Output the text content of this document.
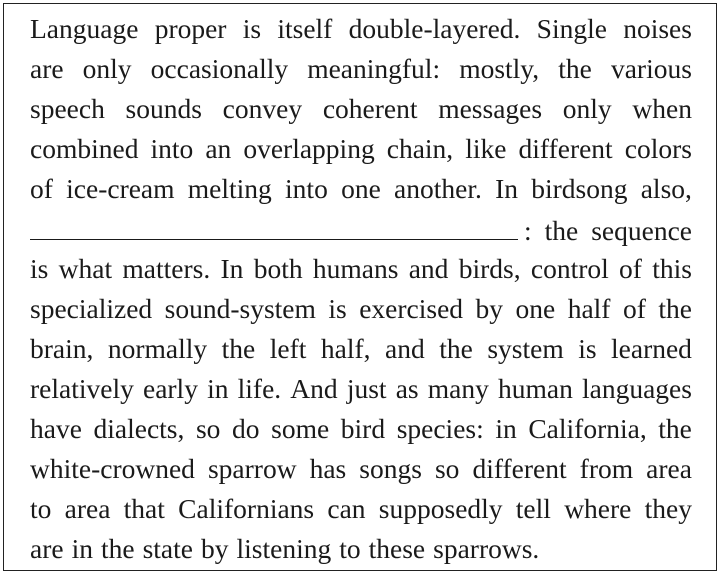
Language proper is itself double-layered. Single noises
are only occasionally meaningful: mostly, the various
speech sounds convey coherent messages only when
combined into an overlapping chain, like different colors
of ice-cream melting into one another. In birdsong also,
: the sequence
is what matters. In both humans and birds, control of this
specialized sound-system is exercised by one half of the
brain, normally the left half, and the system is learned
relatively early in life. And just as many human languages
have dialects, so do some bird species: in California, the
white-crowned sparrow has songs so different from area
to area that Californians can supposedly tell where they
are in the state by listening to these sparrows.
